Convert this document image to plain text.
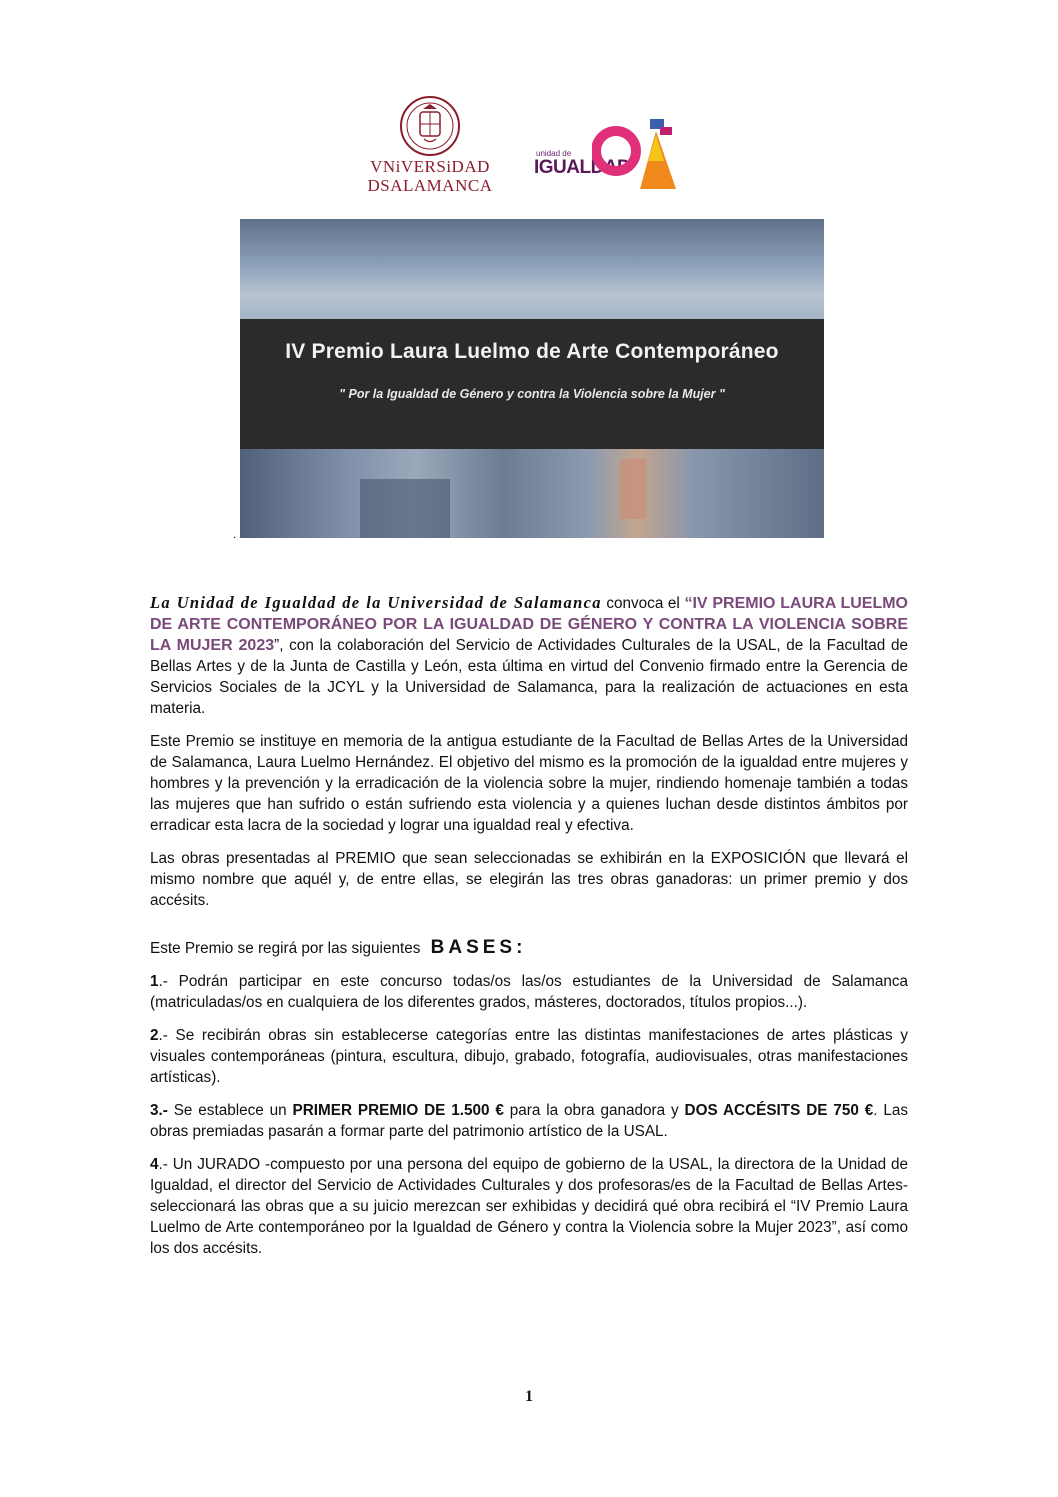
VNiVERSiDAD
DSALAMANCA
unidad de
IGUALDAD
IV Premio Laura Luelmo de Arte Contemporáneo
" Por la Igualdad de Género y contra la Violencia sobre la Mujer "
.

La Unidad de Igualdad de la Universidad de Salamanca convoca el “IV PREMIO LAURA LUELMO DE ARTE CONTEMPORÁNEO POR LA IGUALDAD DE GÉNERO Y CONTRA LA VIOLENCIA SOBRE LA MUJER 2023”, con la colaboración del Servicio de Actividades Culturales de la USAL, de la Facultad de Bellas Artes y de la Junta de Castilla y León, esta última en virtud del Convenio firmado entre la Gerencia de Servicios Sociales de la JCYL y la Universidad de Salamanca, para la realización de actuaciones en esta materia.

Este Premio se instituye en memoria de la antigua estudiante de la Facultad de Bellas Artes de la Universidad de Salamanca, Laura Luelmo Hernández. El objetivo del mismo es la promoción de la igualdad entre mujeres y hombres y la prevención y la erradicación de la violencia sobre la mujer, rindiendo homenaje también a todas las mujeres que han sufrido o están sufriendo esta violencia y a quienes luchan desde distintos ámbitos por erradicar esta lacra de la sociedad y lograr una igualdad real y efectiva.

Las obras presentadas al PREMIO que sean seleccionadas se exhibirán en la EXPOSICIÓN que llevará el mismo nombre que aquél y, de entre ellas, se elegirán las tres obras ganadoras: un primer premio y dos accésits.

Este Premio se regirá por las siguientes BASES:

1.- Podrán participar en este concurso todas/os las/os estudiantes de la Universidad de Salamanca (matriculadas/os en cualquiera de los diferentes grados, másteres, doctorados, títulos propios...).

2.- Se recibirán obras sin establecerse categorías entre las distintas manifestaciones de artes plásticas y visuales contemporáneas (pintura, escultura, dibujo, grabado, fotografía, audiovisuales, otras manifestaciones artísticas).

3.- Se establece un PRIMER PREMIO DE 1.500 € para la obra ganadora y DOS ACCÉSITS DE 750 €. Las obras premiadas pasarán a formar parte del patrimonio artístico de la USAL.

4.- Un JURADO -compuesto por una persona del equipo de gobierno de la USAL, la directora de la Unidad de Igualdad, el director del Servicio de Actividades Culturales y dos profesoras/es de la Facultad de Bellas Artes- seleccionará las obras que a su juicio merezcan ser exhibidas y decidirá qué obra recibirá el “IV Premio Laura Luelmo de Arte contemporáneo por la Igualdad de Género y contra la Violencia sobre la Mujer 2023”, así como los dos accésits.

1
